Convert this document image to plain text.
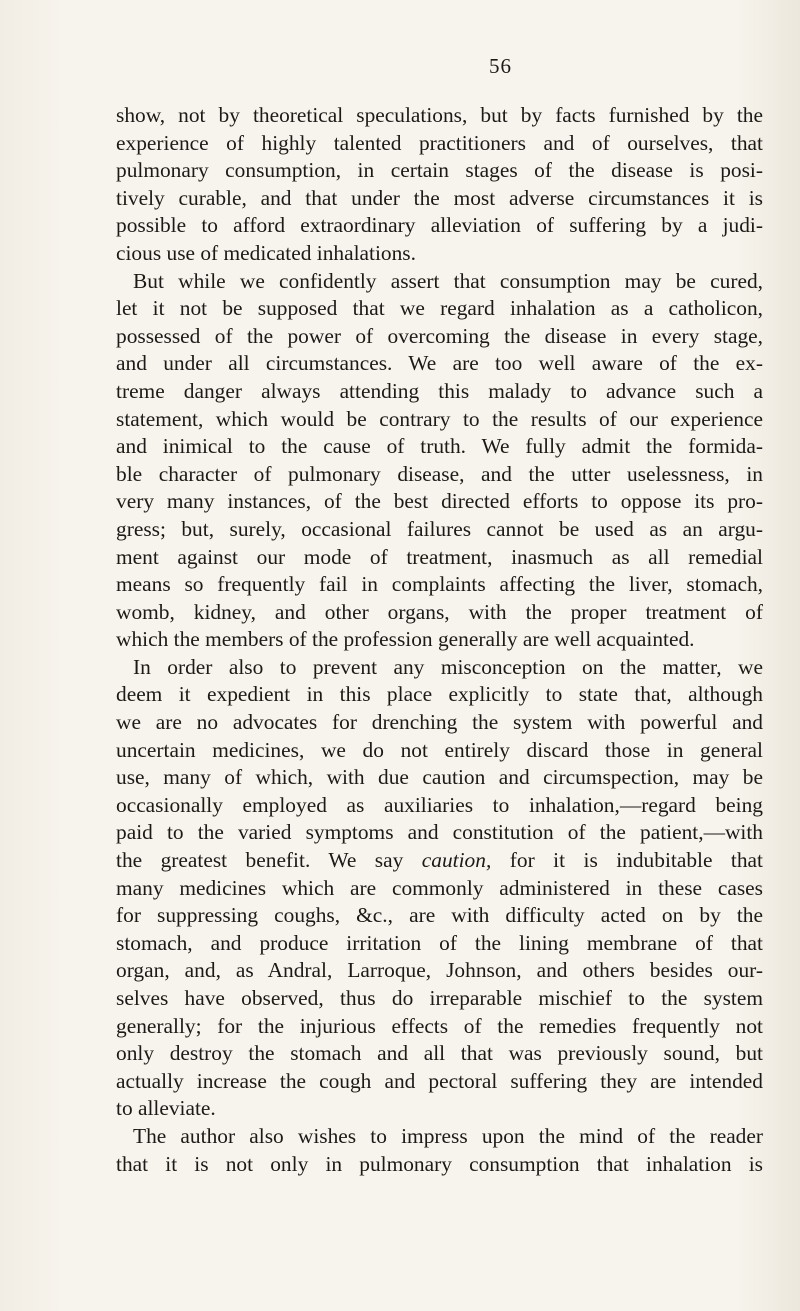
56
show, not by theoretical speculations, but by facts furnished by the
experience of highly talented practitioners and of ourselves, that
pulmonary consumption, in certain stages of the disease is posi-
tively curable, and that under the most adverse circumstances it is
possible to afford extraordinary alleviation of suffering by a judi-
cious use of medicated inhalations.
But while we confidently assert that consumption may be cured,
let it not be supposed that we regard inhalation as a catholicon,
possessed of the power of overcoming the disease in every stage,
and under all circumstances. We are too well aware of the ex-
treme danger always attending this malady to advance such a
statement, which would be contrary to the results of our experience
and inimical to the cause of truth. We fully admit the formida-
ble character of pulmonary disease, and the utter uselessness, in
very many instances, of the best directed efforts to oppose its pro-
gress; but, surely, occasional failures cannot be used as an argu-
ment against our mode of treatment, inasmuch as all remedial
means so frequently fail in complaints affecting the liver, stomach,
womb, kidney, and other organs, with the proper treatment of
which the members of the profession generally are well acquainted.
In order also to prevent any misconception on the matter, we
deem it expedient in this place explicitly to state that, although
we are no advocates for drenching the system with powerful and
uncertain medicines, we do not entirely discard those in general
use, many of which, with due caution and circumspection, may be
occasionally employed as auxiliaries to inhalation,—regard being
paid to the varied symptoms and constitution of the patient,—with
the greatest benefit. We say caution, for it is indubitable that
many medicines which are commonly administered in these cases
for suppressing coughs, &c., are with difficulty acted on by the
stomach, and produce irritation of the lining membrane of that
organ, and, as Andral, Larroque, Johnson, and others besides our-
selves have observed, thus do irreparable mischief to the system
generally; for the injurious effects of the remedies frequently not
only destroy the stomach and all that was previously sound, but
actually increase the cough and pectoral suffering they are intended
to alleviate.
The author also wishes to impress upon the mind of the reader
that it is not only in pulmonary consumption that inhalation is
